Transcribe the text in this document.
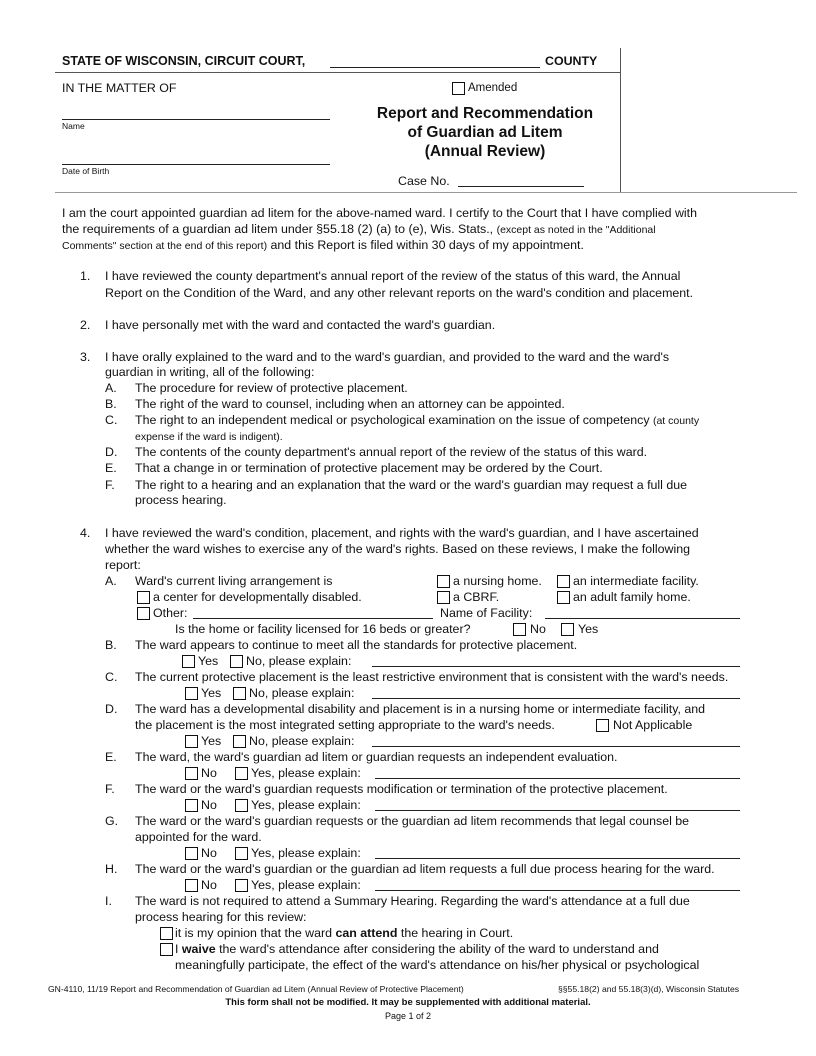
STATE OF WISCONSIN, CIRCUIT COURT,	COUNTY
IN THE MATTER OF	Amended
Name
Date of Birth
Report and Recommendation
of Guardian ad Litem
(Annual Review)
Case No.
I am the court appointed guardian ad litem for the above-named ward. I certify to the Court that I have complied with
the requirements of a guardian ad litem under §55.18 (2) (a) to (e), Wis. Stats., (except as noted in the "Additional
Comments" section at the end of this report) and this Report is filed within 30 days of my appointment.
1. I have reviewed the county department's annual report of the review of the status of this ward, the Annual
Report on the Condition of the Ward, and any other relevant reports on the ward's condition and placement.
2. I have personally met with the ward and contacted the ward's guardian.
3. I have orally explained to the ward and to the ward's guardian, and provided to the ward and the ward's
guardian in writing, all of the following:
A. The procedure for review of protective placement.
B. The right of the ward to counsel, including when an attorney can be appointed.
C. The right to an independent medical or psychological examination on the issue of competency (at county
expense if the ward is indigent).
D. The contents of the county department's annual report of the review of the status of this ward.
E. That a change in or termination of protective placement may be ordered by the Court.
F. The right to a hearing and an explanation that the ward or the ward's guardian may request a full due
process hearing.
4. I have reviewed the ward's condition, placement, and rights with the ward's guardian, and I have ascertained
whether the ward wishes to exercise any of the ward's rights. Based on these reviews, I make the following
report:
A. Ward's current living arrangement is	a nursing home.	an intermediate facility.
a center for developmentally disabled.	a CBRF.	an adult family home.
Other:	Name of Facility:
Is the home or facility licensed for 16 beds or greater?	No	Yes
B. The ward appears to continue to meet all the standards for protective placement.
Yes No, please explain:
C. The current protective placement is the least restrictive environment that is consistent with the ward's needs.
Yes No, please explain:
D. The ward has a developmental disability and placement is in a nursing home or intermediate facility, and
the placement is the most integrated setting appropriate to the ward's needs.	Not Applicable
Yes No, please explain:
E. The ward, the ward's guardian ad litem or guardian requests an independent evaluation.
No	Yes, please explain:
F. The ward or the ward's guardian requests modification or termination of the protective placement.
No	Yes, please explain:
G. The ward or the ward's guardian requests or the guardian ad litem recommends that legal counsel be
appointed for the ward.
No	Yes, please explain:
H. The ward or the ward's guardian or the guardian ad litem requests a full due process hearing for the ward.
No	Yes, please explain:
I. The ward is not required to attend a Summary Hearing. Regarding the ward's attendance at a full due
process hearing for this review:
it is my opinion that the ward can attend the hearing in Court.
I waive the ward's attendance after considering the ability of the ward to understand and
meaningfully participate, the effect of the ward's attendance on his/her physical or psychological
GN-4110, 11/19 Report and Recommendation of Guardian ad Litem (Annual Review of Protective Placement)	§§55.18(2) and 55.18(3)(d), Wisconsin Statutes
This form shall not be modified. It may be supplemented with additional material.
Page 1 of 2
